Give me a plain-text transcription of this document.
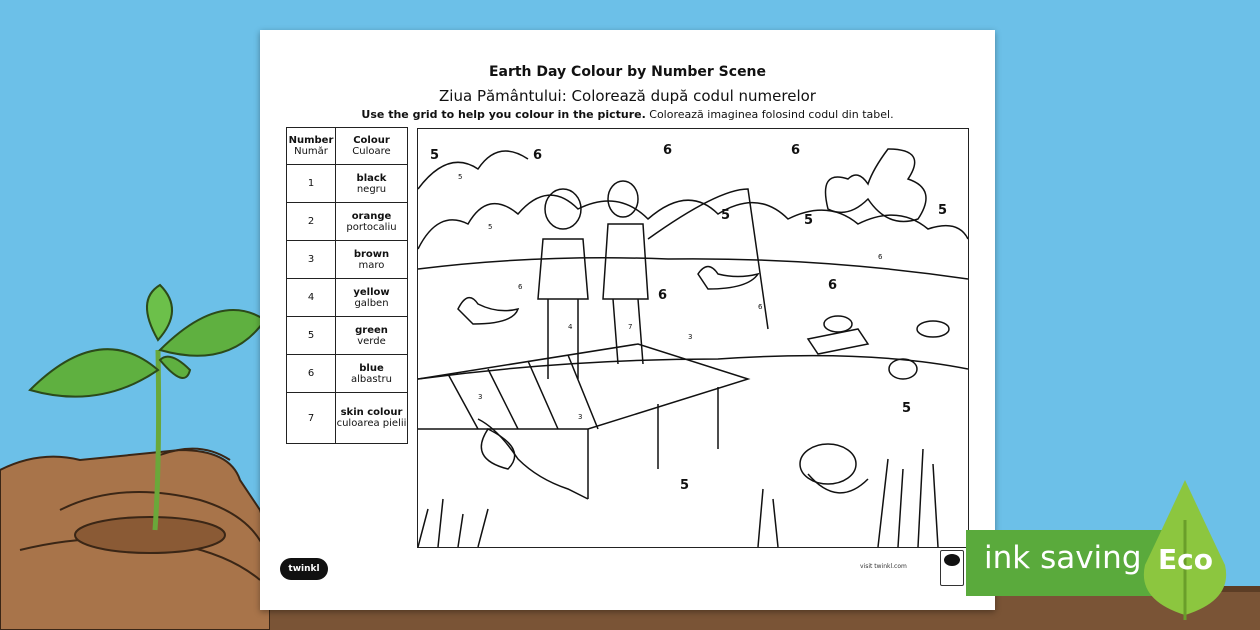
Earth Day Colour by Number Scene
Ziua Pământului: Colorează după codul numerelor
Use the grid to help you colour in the picture. Colorează imaginea folosind codul din tabel.
Number
Număr	Colour
Culoare
1	black
negru
2	orange
portocaliu
3	brown
maro
4	yellow
galben
5	green
verde
6	blue
albastru
7	skin colour
culoarea pielii
5	6	6	6
5	5
5
6
6
5
5
5
5
4	7
3
3
3
6
6
6
twinkl	visit twinkl.com ink saving Eco
